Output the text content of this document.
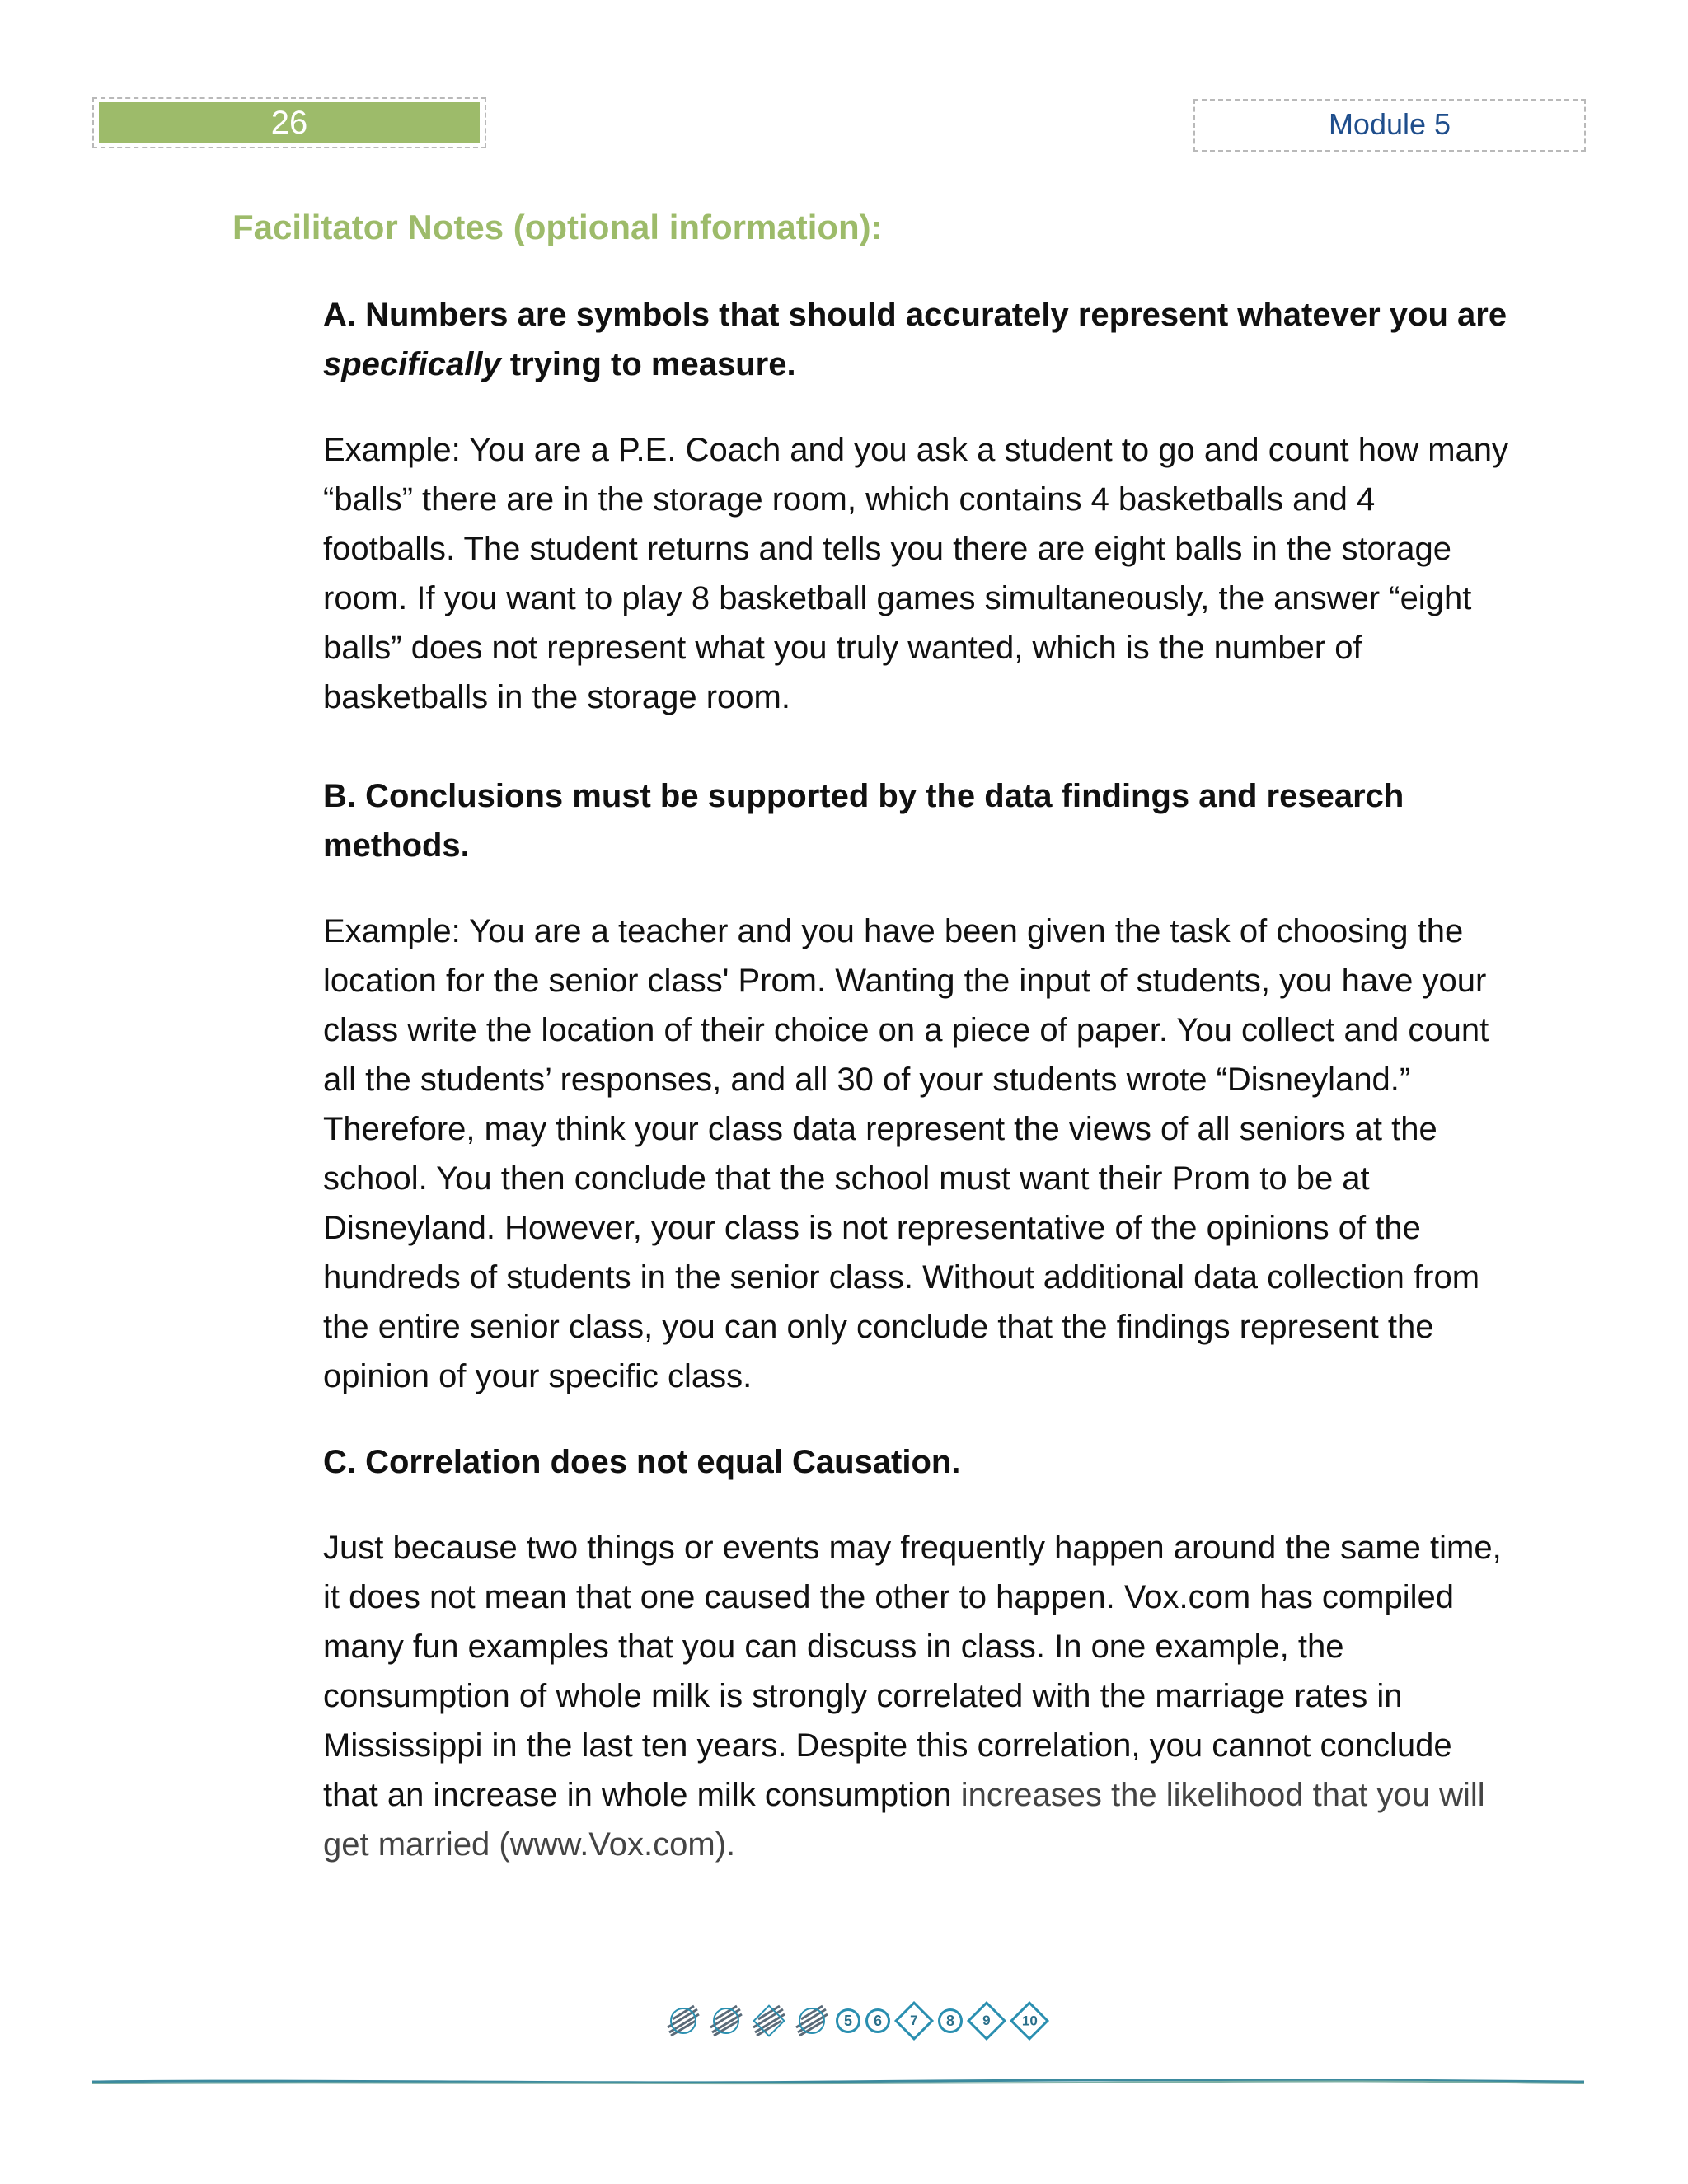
26	Module 5
Facilitator Notes (optional information):

A. Numbers are symbols that should accurately represent whatever you are specifically trying to measure.

Example: You are a P.E. Coach and you ask a student to go and count how many “balls” there are in the storage room, which contains 4 basketballs and 4 footballs. The student returns and tells you there are eight balls in the storage room. If you want to play 8 basketball games simultaneously, the answer “eight balls” does not represent what you truly wanted, which is the number of basketballs in the storage room.

B. Conclusions must be supported by the data findings and research methods.

Example: You are a teacher and you have been given the task of choosing the location for the senior class' Prom. Wanting the input of students, you have your class write the location of their choice on a piece of paper. You collect and count all the students’ responses, and all 30 of your students wrote “Disneyland.” Therefore, may think your class data represent the views of all seniors at the school. You then conclude that the school must want their Prom to be at Disneyland. However, your class is not representative of the opinions of the hundreds of students in the senior class. Without additional data collection from the entire senior class, you can only conclude that the findings represent the opinion of your specific class.

C. Correlation does not equal Causation.

Just because two things or events may frequently happen around the same time, it does not mean that one caused the other to happen. Vox.com has compiled many fun examples that you can discuss in class. In one example, the consumption of whole milk is strongly correlated with the marriage rates in Mississippi in the last ten years. Despite this correlation, you cannot conclude that an increase in whole milk consumption increases the likelihood that you will get married (www.Vox.com).

5	6	7	8	9 10
